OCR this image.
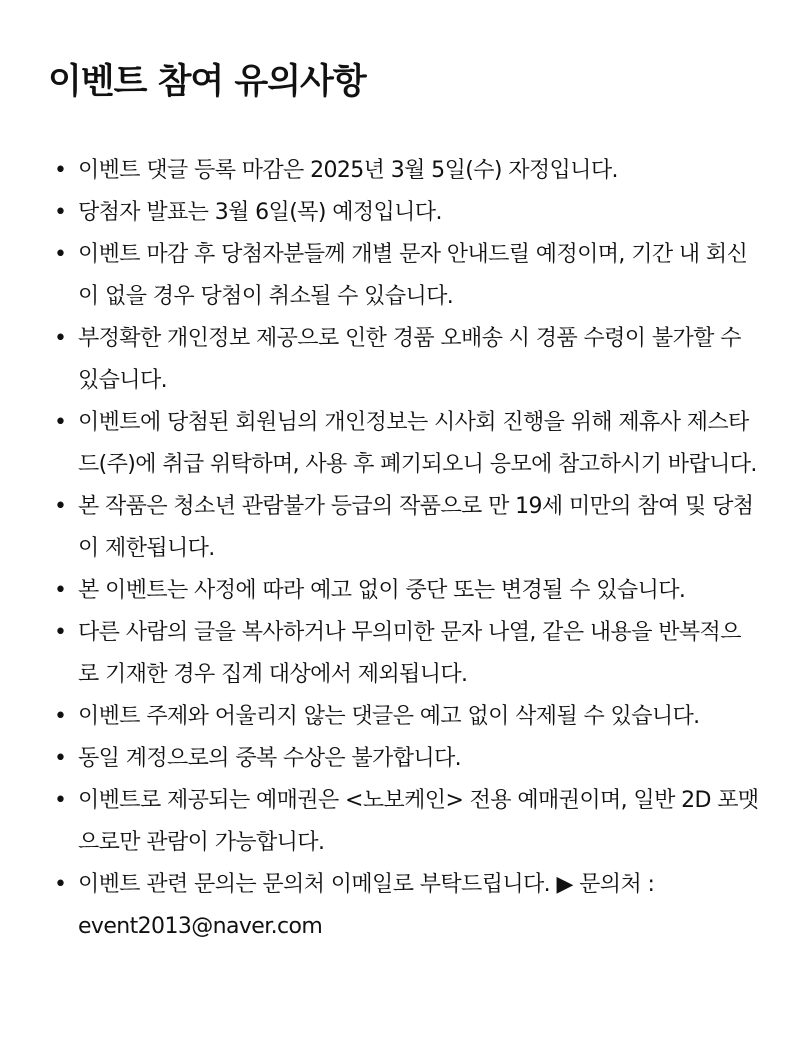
이벤트 참여 유의사항
• 이벤트 댓글 등록 마감은 2025년 3월 5일(수) 자정입니다.
• 당첨자 발표는 3월 6일(목) 예정입니다.
• 이벤트 마감 후 당첨자분들께 개별 문자 안내드릴 예정이며, 기간 내 회신이 없을 경우 당첨이 취소될 수 있습니다.
• 부정확한 개인정보 제공으로 인한 경품 오배송 시 경품 수령이 불가할 수 있습니다.
• 이벤트에 당첨된 회원님의 개인정보는 시사회 진행을 위해 제휴사 제스타드(주)에 취급 위탁하며, 사용 후 폐기되오니 응모에 참고하시기 바랍니다.
• 본 작품은 청소년 관람불가 등급의 작품으로 만 19세 미만의 참여 및 당첨이 제한됩니다.
• 본 이벤트는 사정에 따라 예고 없이 중단 또는 변경될 수 있습니다.
• 다른 사람의 글을 복사하거나 무의미한 문자 나열, 같은 내용을 반복적으로 기재한 경우 집계 대상에서 제외됩니다.
• 이벤트 주제와 어울리지 않는 댓글은 예고 없이 삭제될 수 있습니다.
• 동일 계정으로의 중복 수상은 불가합니다.
• 이벤트로 제공되는 예매권은 <노보케인> 전용 예매권이며, 일반 2D 포맷으로만 관람이 가능합니다.
• 이벤트 관련 문의는 문의처 이메일로 부탁드립니다. ▶ 문의처 : event2013@naver.com
